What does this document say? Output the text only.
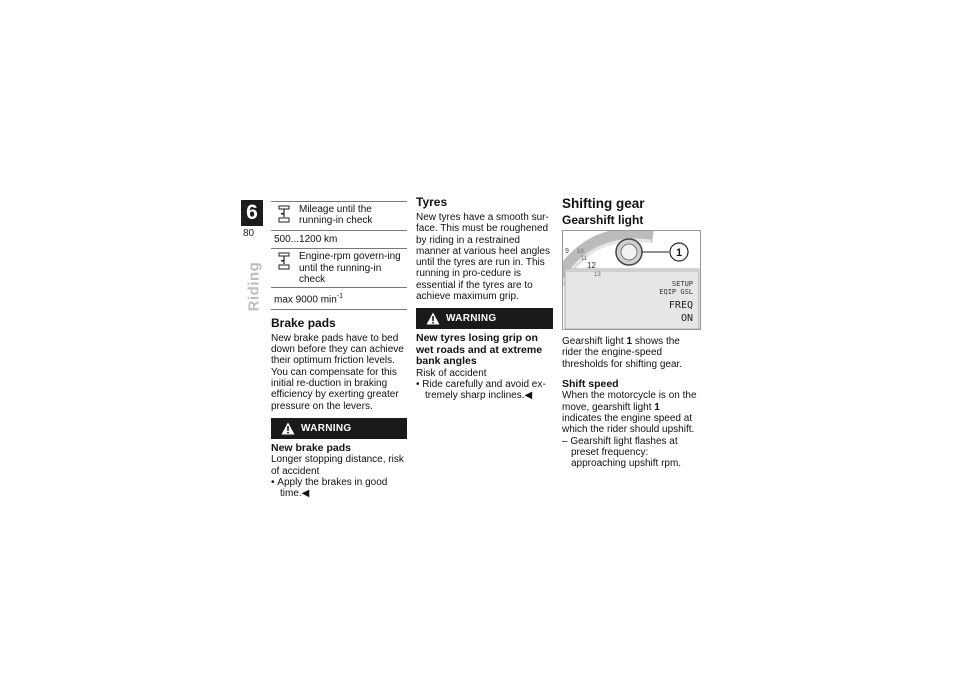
6
80
Riding
Mileage until the running-in check
500...1200 km
Engine-rpm govern-ing until the running-in check
max 9000 $\min^{-1}$
Brake pads

New brake pads have to bed down before they can achieve their optimum friction levels. You can compensate for this initial re-duction in braking efficiency by exerting greater pressure on the levers.

WARNING
New brake pads

Longer stopping distance, risk of accident

• Apply the brakes in good time.◀

Tyres

New tyres have a smooth sur-face. This must be roughened by riding in a restrained manner at various heel angles until the tyres are run in. This running in pro-cedure is essential if the tyres are to achieve maximum grip.

WARNING
New tyres losing grip on wet roads and at extreme bank angles

Risk of accident

• Ride carefully and avoid ex-tremely sharp inclines.◀

Shifting gear
Gearshift light
1
9 10
11
12
13
SETUP
EQIP GSL
FREQ
ON

Gearshift light 1 shows the rider the engine-speed thresholds for shifting gear.

Shift speed

When the motorcycle is on the move, gearshift light 1 indicates the engine speed at which the rider should upshift.

– Gearshift light flashes at preset frequency: approaching upshift rpm.
